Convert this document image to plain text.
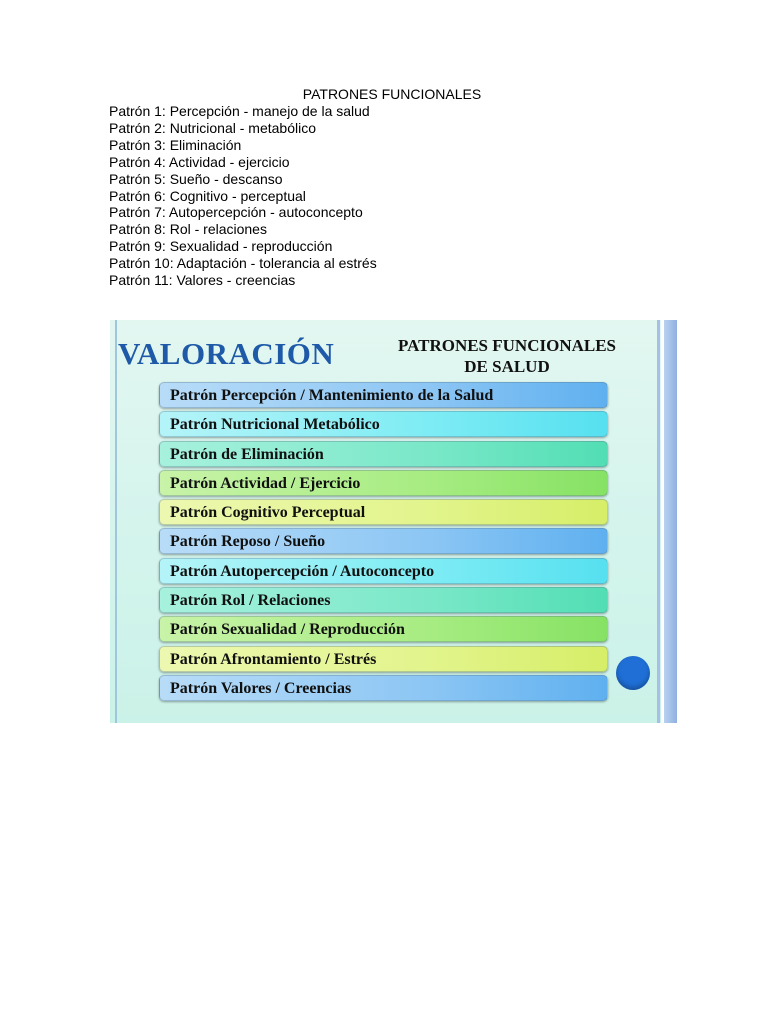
PATRONES FUNCIONALES
Patrón 1: Percepción - manejo de la salud
Patrón 2: Nutricional - metabólico
Patrón 3: Eliminación
Patrón 4: Actividad - ejercicio
Patrón 5: Sueño - descanso
Patrón 6: Cognitivo - perceptual
Patrón 7: Autopercepción - autoconcepto
Patrón 8: Rol - relaciones
Patrón 9: Sexualidad - reproducción
Patrón 10: Adaptación - tolerancia al estrés
Patrón 11: Valores - creencias
VALORACIÓN	PATRONES FUNCIONALES
DE SALUD
Patrón Percepción / Mantenimiento de la Salud
Patrón Nutricional Metabólico
Patrón de Eliminación
Patrón Actividad / Ejercicio
Patrón Cognitivo Perceptual
Patrón Reposo / Sueño
Patrón Autopercepción / Autoconcepto
Patrón Rol / Relaciones
Patrón Sexualidad / Reproducción
Patrón Afrontamiento / Estrés
Patrón Valores / Creencias
